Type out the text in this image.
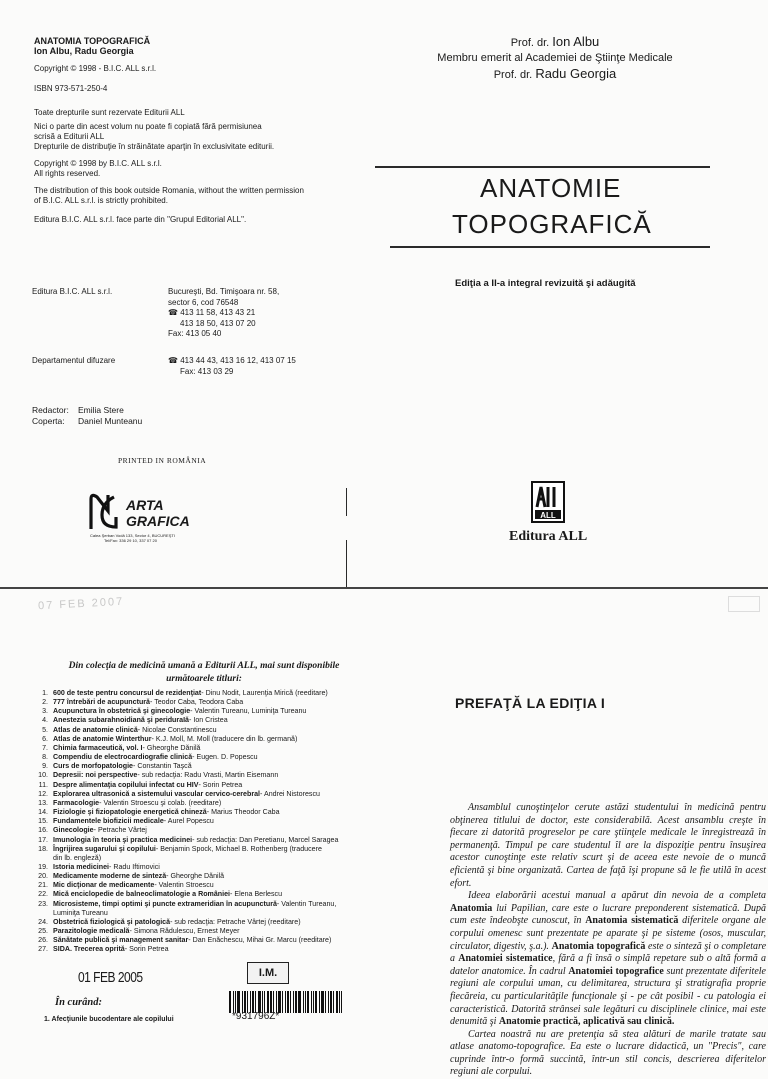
ANATOMIA TOPOGRAFICĂ
Ion Albu, Radu Georgia
Copyright © 1998 - B.I.C. ALL s.r.l.
ISBN 973-571-250-4
Toate drepturile sunt rezervate Editurii ALL
Nici o parte din acest volum nu poate fi copiată fără permisiunea
scrisă a Editurii ALL
Drepturile de distribuţie în străinătate aparţin în exclusivitate editurii.
Copyright © 1998 by B.I.C. ALL s.r.l.
All rights reserved.
The distribution of this book outside Romania, without the written permission
of B.I.C. ALL s.r.l. is strictly prohibited.
Editura B.I.C. ALL s.r.l. face parte din "Grupul Editorial ALL".
Editura B.I.C. ALL s.r.l.	Bucureşti, Bd. Timişoara nr. 58,
sector 6, cod 76548
☎ 413 11 58, 413 43 21
413 18 50, 413 07 20
Fax: 413 05 40
Departamentul difuzare	☎ 413 44 43, 413 16 12, 413 07 15
Fax: 413 03 29
Redactor: Emilia Stere
Coperta: Daniel Munteanu
PRINTED IN ROMÂNIA
ARTA GRAFICA
Calea Şerban Vodă 133, Sector 4, BUCUREŞTI
Tel/Fax: 336 29 10, 337 07 20
Prof. dr. Ion Albu
Membru emerit al Academiei de Ştiinţe Medicale
Prof. dr. Radu Georgia
ANATOMIE
TOPOGRAFICĂ
Ediţia a II-a integral revizuită şi adăugită
ALL
Editura ALL
07 FEB 2007
Din colecţia de medicină umană a Editurii ALL, mai sunt disponibile
următoarele titluri:
1. 600 de teste pentru concursul de rezidenţiat - Dinu Nodit, Laurenţia Mirică (reeditare)
2. 777 întrebări de acupunctură - Teodor Caba, Teodora Caba
3. Acupunctura în obstetrică şi ginecologie - Valentin Tureanu, Luminiţa Tureanu
4. Anestezia subarahnoidiană şi periduraIă - Ion Cristea
5. Atlas de anatomie clinică - Nicolae Constantinescu
6. Atlas de anatomie Winterthur - K.J. Moll, M. Moll (traducere din lb. germană)
7. Chimia farmaceutică, vol. I - Gheorghe Dănilă
8. Compendiu de electrocardiografie clinică - Eugen. D. Popescu
9. Curs de morfopatologie - Constantin Taşcă
10. Depresii: noi perspective - sub redacţia: Radu Vrasti, Martin Eisemann
11. Despre alimentaţia copilului infectat cu HIV - Sorin Petrea
12. Explorarea ultrasonică a sistemului vascular cervico-cerebral - Andrei Nistorescu
13. Farmacologie - Valentin Stroescu şi colab. (reeditare)
14. Fiziologie şi fiziopatologie energetică chineză - Marius Theodor Caba
15. Fundamentele biofizicii medicale - Aurel Popescu
16. Ginecologie - Petrache Vârtej
17. Imunologia în teoria şi practica medicinei - sub redacţia: Dan Peretianu, Marcel Saragea
18. Îngrijirea sugarului şi copilului - Benjamin Spock, Michael B. Rothenberg (traducere
din lb. engleză)
19. Istoria medicinei - Radu Iftimovici
20. Medicamente moderne de sinteză - Gheorghe Dănilă
21. Mic dicţionar de medicamente - Valentin Stroescu
22. Mică enciclopedie de balneoclimatologie a României - Elena Berlescu
23. Microsisteme, timpi optimi şi puncte extrameridian în acupunctură - Valentin Tureanu,
Luminiţa Tureanu
24. Obstetrică fiziologică şi patologică - sub redacţia: Petrache Vârtej (reeditare)
25. Parazitologie medicală - Simona Rădulescu, Ernest Meyer
26. Sănătate publică şi management sanitar - Dan Enăchescu, Mihai Gr. Marcu (reeditare)
27. SIDA. Trecerea oprită - Sorin Petrea
01 FEB 2005	I.M.
*931796Z*
În curând:
1. Afecţiunile bucodentare ale copilului
PREFAŢĂ LA EDIŢIA I

Ansamblul cunoştinţelor cerute astăzi studentului în medicină pentru obţinerea titlului de doctor, este considerabilă. Acest ansamblu creşte în fiecare zi datorită progreselor pe care ştiinţele medicale le înregistrează în permanenţă. Timpul pe care studentul îl are la dispoziţie pentru însuşirea acestor cunoştinţe este relativ scurt şi de aceea este nevoie de o muncă eficientă şi bine organizată. Cartea de faţă îşi propune să le fie utilă în acest efort.

Ideea elaborării acestui manual a apărut din nevoia de a completa Anatomia lui Papilian, care este o lucrare preponderent sistematică. După cum este îndeobşte cunoscut, în Anatomia sistematică diferitele organe ale corpului omenesc sunt prezentate pe aparate şi pe sisteme (osos, muscular, circulator, digestiv, ş.a.). Anatomia topografică este o sinteză şi o completare a Anatomiei sistematice, fără a fi însă o simplă repetare sub o altă formă a datelor anatomice. În cadrul Anatomiei topografice sunt prezentate diferitele regiuni ale corpului uman, cu delimitarea, structura şi stratigrafia proprie fiecăreia, cu particularităţile funcţionale şi - pe cât posibil - cu patologia ei caracteristică. Datorită strânsei sale legături cu disciplinele clinice, mai este denumită şi Anatomie practică, aplicativă sau clinică.

Cartea noastră nu are pretenţia să stea alături de marile tratate sau atlase anatomo-topografice. Ea este o lucrare didactică, un "Precis", care cuprinde într-o formă succintă, într-un stil concis, descrierea diferitelor regiuni ale corpului.
